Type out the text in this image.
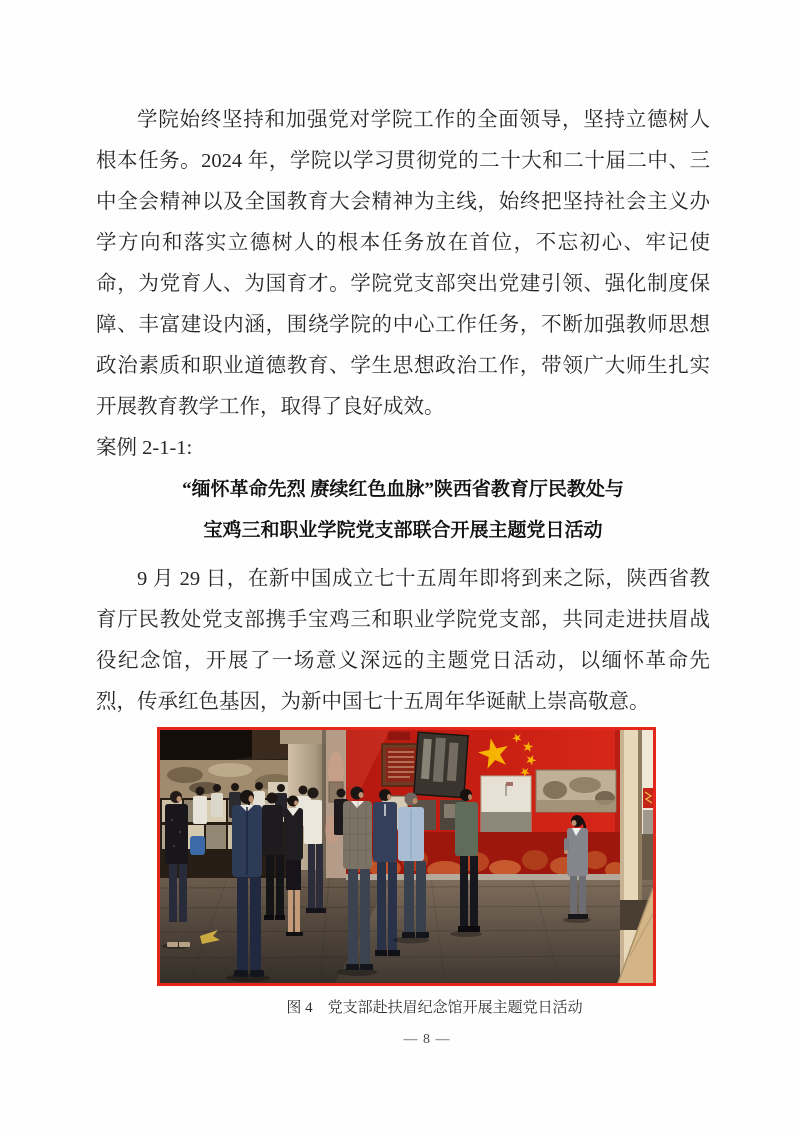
学院始终坚持和加强党对学院工作的全面领导，坚持立德树人根本任务。2024 年，学院以学习贯彻党的二十大和二十届二中、三中全会精神以及全国教育大会精神为主线，始终把坚持社会主义办学方向和落实立德树人的根本任务放在首位，不忘初心、牢记使命，为党育人、为国育才。学院党支部突出党建引领、强化制度保障、丰富建设内涵，围绕学院的中心工作任务，不断加强教师思想政治素质和职业道德教育、学生思想政治工作，带领广大师生扎实开展教育教学工作，取得了良好成效。

案例 2-1-1:

“缅怀革命先烈 赓续红色血脉”陕西省教育厅民教处与
宝鸡三和职业学院党支部联合开展主题党日活动

9 月 29 日，在新中国成立七十五周年即将到来之际，陕西省教育厅民教处党支部携手宝鸡三和职业学院党支部，共同走进扶眉战役纪念馆，开展了一场意义深远的主题党日活动，以缅怀革命先烈，传承红色基因，为新中国七十五周年华诞献上崇高敬意。

图 4　党支部赴扶眉纪念馆开展主题党日活动
— 8 —
